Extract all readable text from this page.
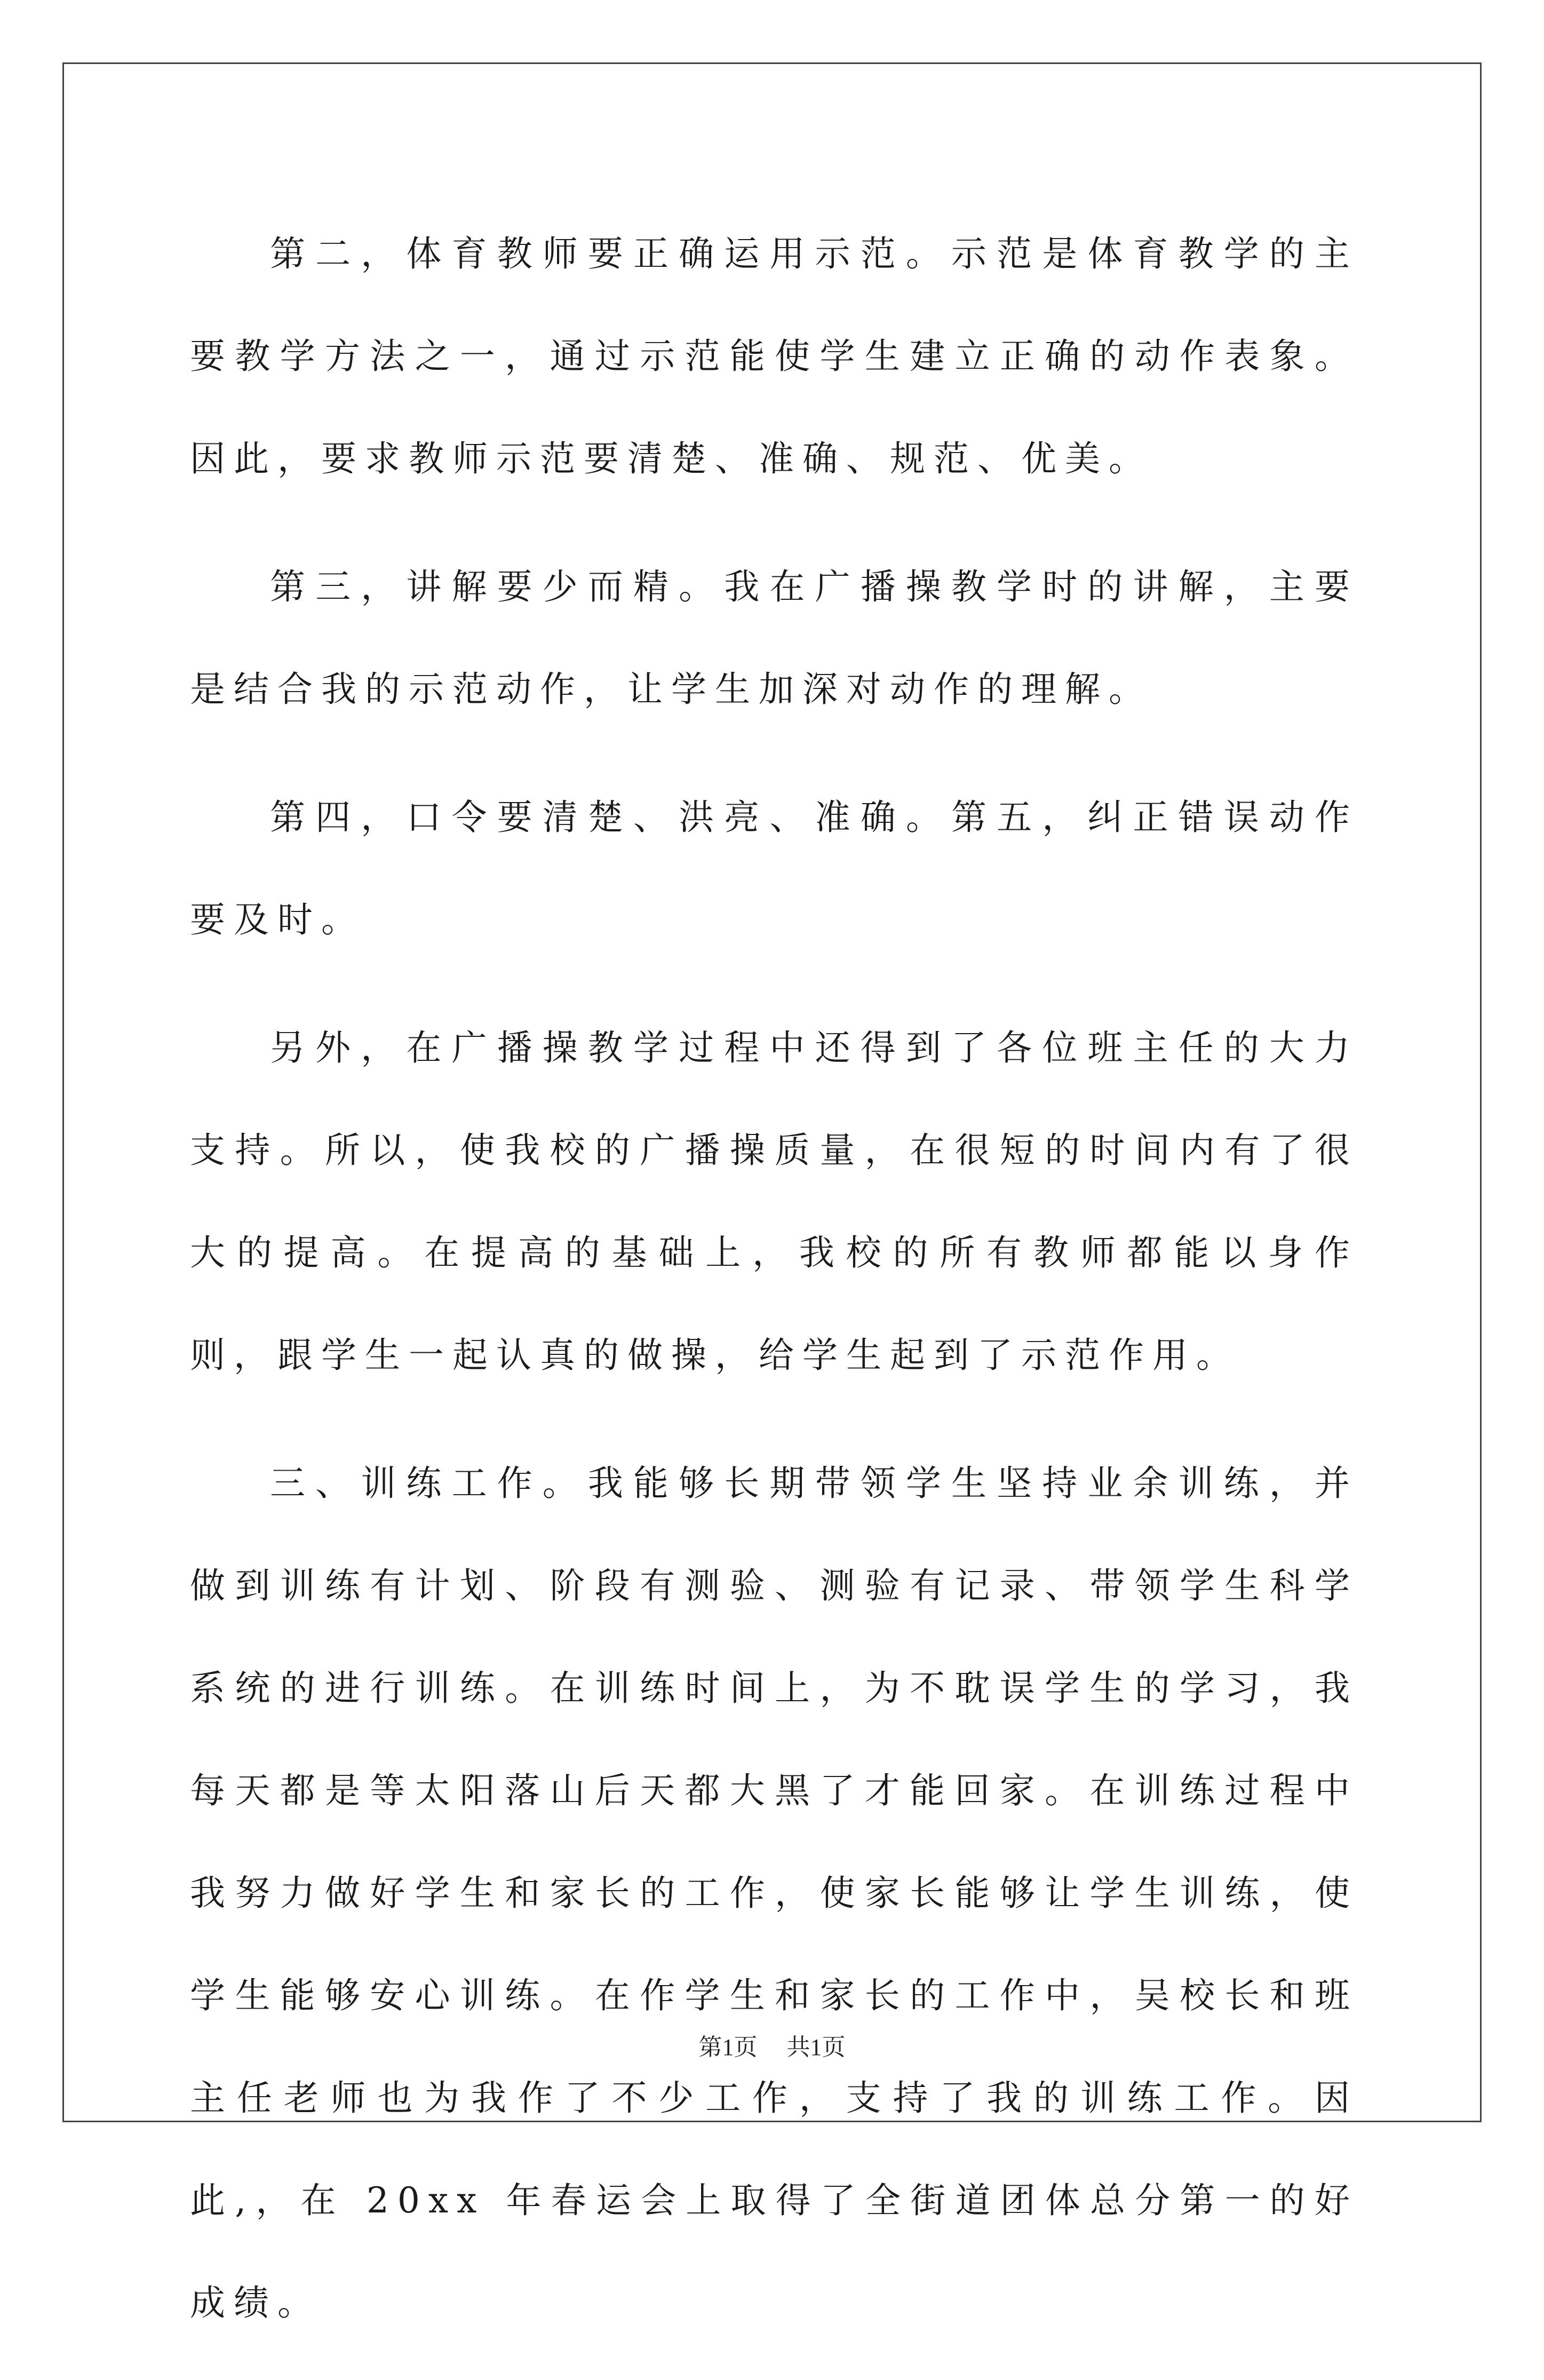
第二，体育教师要正确运用示范。示范是体育教学的主要教学方法之一，通过示范能使学生建立正确的动作表象。因此，要求教师示范要清楚、准确、规范、优美。

第三，讲解要少而精。我在广播操教学时的讲解，主要是结合我的示范动作，让学生加深对动作的理解。

第四，口令要清楚、洪亮、准确。第五，纠正错误动作要及时。

另外，在广播操教学过程中还得到了各位班主任的大力支持。所以，使我校的广播操质量，在很短的时间内有了很大的提高。在提高的基础上，我校的所有教师都能以身作则，跟学生一起认真的做操，给学生起到了示范作用。

三、训练工作。我能够长期带领学生坚持业余训练，并做到训练有计划、阶段有测验、测验有记录、带领学生科学系统的进行训练。在训练时间上，为不耽误学生的学习，我每天都是等太阳落山后天都大黑了才能回家。在训练过程中我努力做好学生和家长的工作，使家长能够让学生训练，使学生能够安心训练。在作学生和家长的工作中，吴校长和班主任老师也为我作了不少工作，支持了我的训练工作。因此,，在 20xx 年春运会上取得了全街道团体总分第一的好成绩。

第1页 共1页
